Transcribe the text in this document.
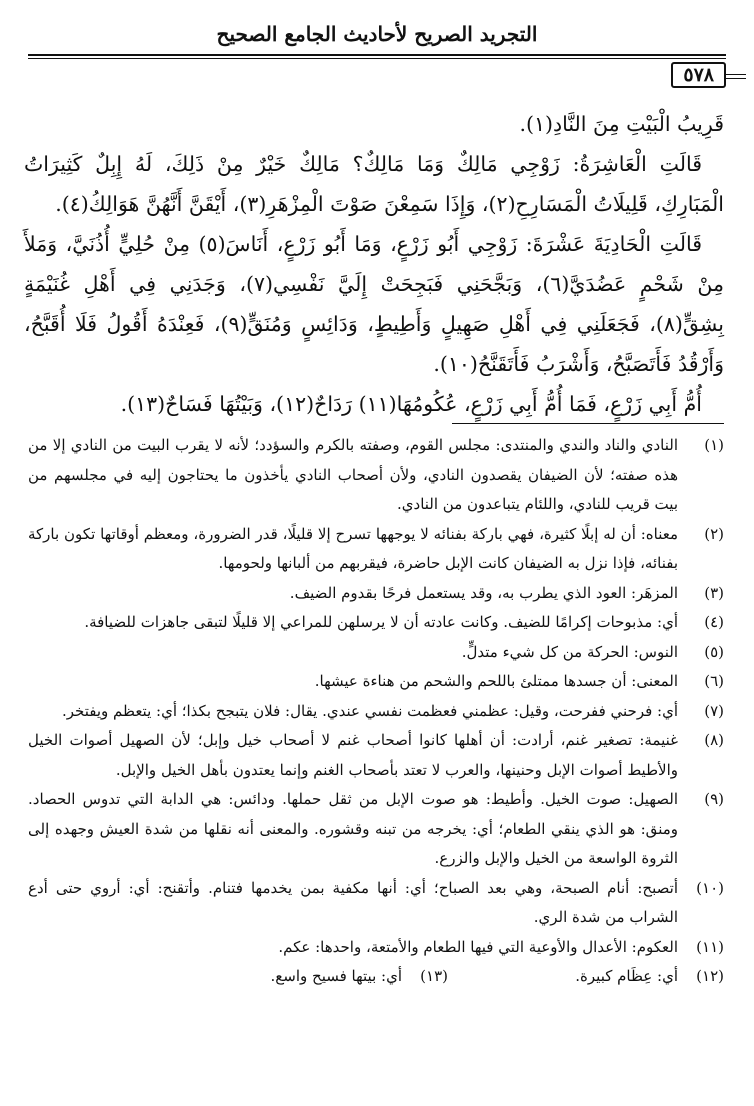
التجريد الصريح لأحاديث الجامع الصحيح
٥٧٨

قَرِيبُ الْبَيْتِ مِنَ النَّادِ(١).

قَالَتِ الْعَاشِرَةُ: زَوْجِي مَالِكٌ وَمَا مَالِكٌ؟ مَالِكٌ خَيْرٌ مِنْ ذَلِكَ، لَهُ إِبِلٌ كَثِيرَاتُ الْمَبَارِكِ، قَلِيلَاتُ الْمَسَارِحِ(٢)، وَإِذَا سَمِعْنَ صَوْتَ الْمِزْهَرِ(٣)، أَيْقَنَّ أَنَّهُنَّ هَوَالِكُ(٤).

قَالَتِ الْحَادِيَةَ عَشْرَةَ: زَوْجِي أَبُو زَرْعٍ، وَمَا أَبُو زَرْعٍ، أَنَاسَ(٥) مِنْ حُلِيٍّ أُذُنَيَّ، وَمَلأَ مِنْ شَحْمٍ عَضُدَيَّ(٦)، وَبَجَّحَنِي فَبَجِحَتْ إِلَيَّ نَفْسِي(٧)، وَجَدَنِي فِي أَهْلِ غُنَيْمَةٍ بِشِقٍّ(٨)، فَجَعَلَنِي فِي أَهْلِ صَهِيلٍ وَأَطِيطٍ، وَدَائِسٍ وَمُنَقٍّ(٩)، فَعِنْدَهُ أَقُولُ فَلَا أُقَبَّحُ، وَأَرْقُدُ فَأَتَصَبَّحُ، وَأَشْرَبُ فَأَتَقَنَّحُ(١٠).

أُمُّ أَبِي زَرْعٍ، فَمَا أُمُّ أَبِي زَرْعٍ، عُكُومُهَا(١١) رَدَاحٌ(١٢)، وَبَيْتُهَا فَسَاحٌ(١٣).

(١)
النادي والناد والندي والمنتدى: مجلس القوم، وصفته بالكرم والسؤدد؛ لأنه لا يقرب البيت من النادي إلا من هذه صفته؛ لأن الضيفان يقصدون النادي، ولأن أصحاب النادي يأخذون ما يحتاجون إليه في مجلسهم من بيت قريب للنادي، واللئام يتباعدون من النادي.
(٢)
معناه: أن له إبلًا كثيرة، فهي باركة بفنائه لا يوجهها تسرح إلا قليلًا، قدر الضرورة، ومعظم أوقاتها تكون باركة بفنائه، فإذا نزل به الضيفان كانت الإبل حاضرة، فيقربهم من ألبانها ولحومها.
(٣)
المزهَر: العود الذي يطرب به، وقد يستعمل فرحًا بقدوم الضيف.
(٤)
أي: مذبوحات إكرامًا للضيف. وكانت عادته أن لا يرسلهن للمراعي إلا قليلًا لتبقى جاهزات للضيافة.
(٥)
النوس: الحركة من كل شيء متدلٍّ.
(٦)
المعنى: أن جسدها ممتلئ باللحم والشحم من هناءة عيشها.
(٧)
أي: فرحني ففرحت، وقيل: عظمني فعظمت نفسي عندي. يقال: فلان يتبجح بكذا؛ أي: يتعظم ويفتخر.
(٨)
غنيمة: تصغير غنم، أرادت: أن أهلها كانوا أصحاب غنم لا أصحاب خيل وإبل؛ لأن الصهيل أصوات الخيل والأطيط أصوات الإبل وحنينها، والعرب لا تعتد بأصحاب الغنم وإنما يعتدون بأهل الخيل والإبل.
(٩)
الصهيل: صوت الخيل. وأطيط: هو صوت الإبل من ثقل حملها. ودائس: هي الدابة التي تدوس الحصاد. ومنق: هو الذي ينقي الطعام؛ أي: يخرجه من تبنه وقشوره. والمعنى أنه نقلها من شدة العيش وجهده إلى الثروة الواسعة من الخيل والإبل والزرع.
(١٠)
أتصبح: أنام الصبحة، وهي بعد الصباح؛ أي: أنها مكفية بمن يخدمها فتنام. وأتقنح: أي: أروي حتى أدع الشراب من شدة الري.
(١١)
العكوم: الأعدال والأوعية التي فيها الطعام والأمتعة، واحدها: عكم.
(١٢)
أي: عِظَام كبيرة.
(١٣)
أي: بيتها فسيح واسع.
